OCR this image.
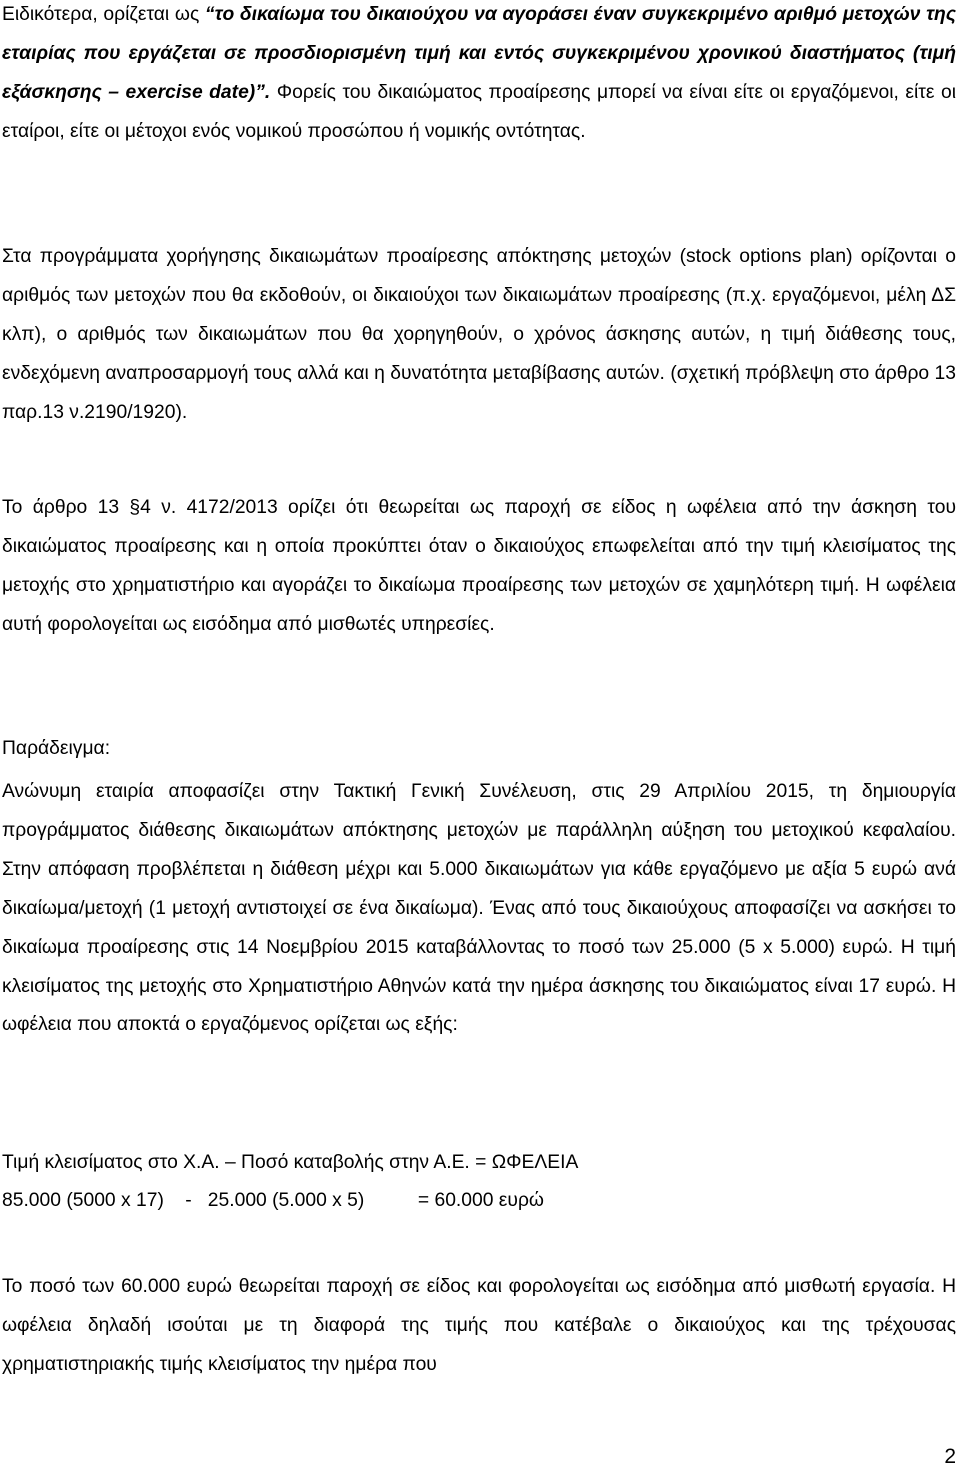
Ειδικότερα, ορίζεται ως “το δικαίωμα του δικαιούχου να αγοράσει έναν συγκεκριμένο αριθμό μετοχών της εταιρίας που εργάζεται σε προσδιορισμένη τιμή και εντός συγκεκριμένου χρονικού διαστήματος (τιμή εξάσκησης – exercise date)”. Φορείς του δικαιώματος προαίρεσης μπορεί να είναι είτε οι εργαζόμενοι, είτε οι εταίροι, είτε οι μέτοχοι ενός νομικού προσώπου ή νομικής οντότητας.

Στα προγράμματα χορήγησης δικαιωμάτων προαίρεσης απόκτησης μετοχών (stock options plan) ορίζονται ο αριθμός των μετοχών που θα εκδοθούν, οι δικαιούχοι των δικαιωμάτων προαίρεσης (π.χ. εργαζόμενοι, μέλη ΔΣ κλπ), ο αριθμός των δικαιωμάτων που θα χορηγηθούν, ο χρόνος άσκησης αυτών, η τιμή διάθεσης τους, ενδεχόμενη αναπροσαρμογή τους αλλά και η δυνατότητα μεταβίβασης αυτών. (σχετική πρόβλεψη στο άρθρο 13 παρ.13 ν.2190/1920).

Το άρθρο 13 §4 ν. 4172/2013 ορίζει ότι θεωρείται ως παροχή σε είδος η ωφέλεια από την άσκηση του δικαιώματος προαίρεσης και η οποία προκύπτει όταν ο δικαιούχος επωφελείται από την τιμή κλεισίματος της μετοχής στο χρηματιστήριο και αγοράζει το δικαίωμα προαίρεσης των μετοχών σε χαμηλότερη τιμή. Η ωφέλεια αυτή φορολογείται ως εισόδημα από μισθωτές υπηρεσίες.

Παράδειγμα:

Ανώνυμη εταιρία αποφασίζει στην Τακτική Γενική Συνέλευση, στις 29 Απριλίου 2015, τη δημιουργία προγράμματος διάθεσης δικαιωμάτων απόκτησης μετοχών με παράλληλη αύξηση του μετοχικού κεφαλαίου. Στην απόφαση προβλέπεται η διάθεση μέχρι και 5.000 δικαιωμάτων για κάθε εργαζόμενο με αξία 5 ευρώ ανά δικαίωμα/μετοχή (1 μετοχή αντιστοιχεί σε ένα δικαίωμα). Ένας από τους δικαιούχους αποφασίζει να ασκήσει το δικαίωμα προαίρεσης στις 14 Νοεμβρίου 2015 καταβάλλοντας το ποσό των 25.000 (5 x 5.000) ευρώ. Η τιμή κλεισίματος της μετοχής στο Χρηματιστήριο Αθηνών κατά την ημέρα άσκησης του δικαιώματος είναι 17 ευρώ. Η ωφέλεια που αποκτά ο εργαζόμενος ορίζεται ως εξής:

Τιμή κλεισίματος στο Χ.Α. – Ποσό καταβολής στην Α.Ε. = ΩΦΕΛΕΙΑ
85.000 (5000 x 17)    -   25.000 (5.000 x 5)          = 60.000 ευρώ

Το ποσό των 60.000 ευρώ θεωρείται παροχή σε είδος και φορολογείται ως εισόδημα από μισθωτή εργασία. Η ωφέλεια δηλαδή ισούται με τη διαφορά της τιμής που κατέβαλε ο δικαιούχος και της τρέχουσας χρηματιστηριακής τιμής κλεισίματος την ημέρα που

2
